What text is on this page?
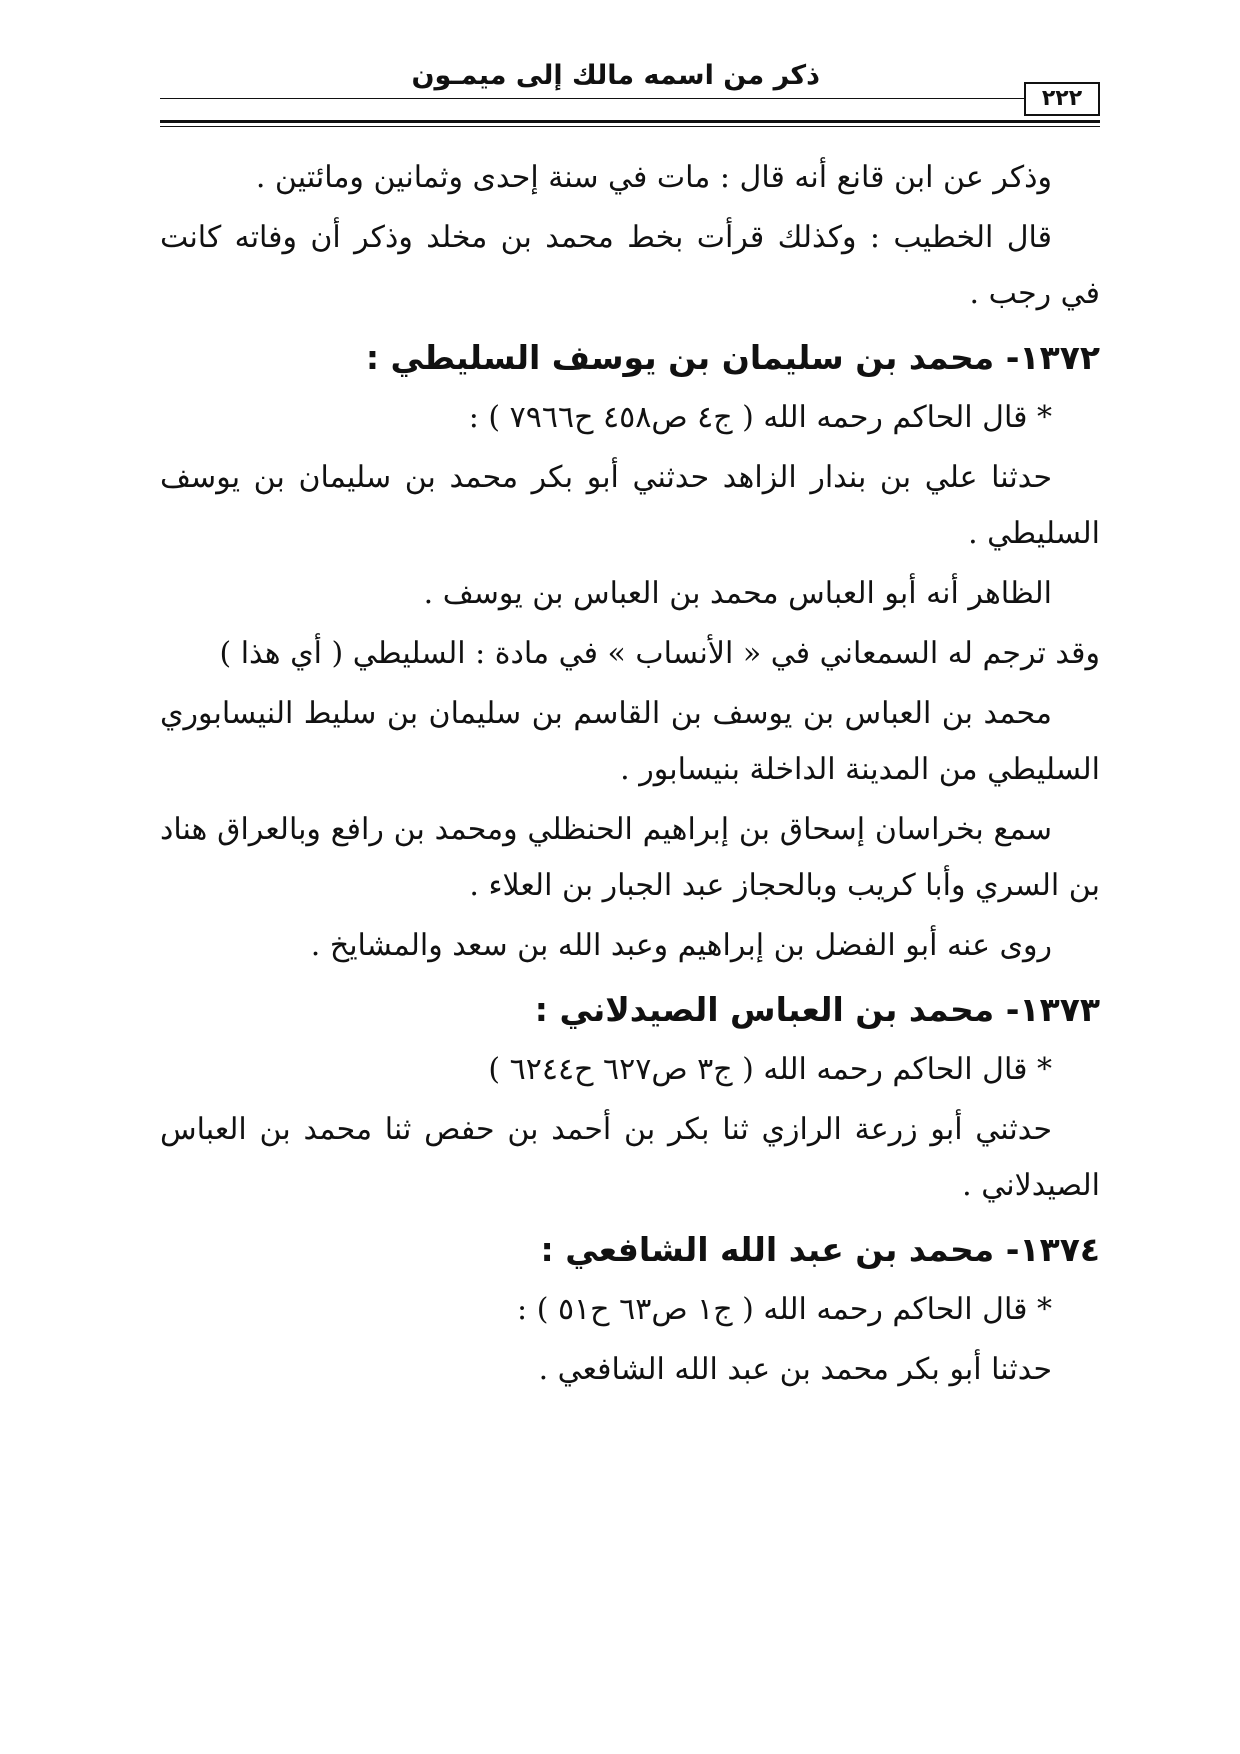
ذكر من اسمه مالك إلى ميمـون
٢٢٢

وذكر عن ابن قانع أنه قال : مات في سنة إحدى وثمانين ومائتين .

قال الخطيب : وكذلك قرأت بخط محمد بن مخلد وذكر أن وفاته كانت في رجب .

١٣٧٢- محمد بن سليمان بن يوسف السليطي :

* قال الحاكم رحمه الله ( ج٤ ص٤٥٨ ح٧٩٦٦ ) :

حدثنا علي بن بندار الزاهد حدثني أبو بكر محمد بن سليمان بن يوسف السليطي .

الظاهر أنه أبو العباس محمد بن العباس بن يوسف .

وقد ترجم له السمعاني في « الأنساب » في مادة : السليطي ( أي هذا )

محمد بن العباس بن يوسف بن القاسم بن سليمان بن سليط النيسابوري السليطي من المدينة الداخلة بنيسابور .

سمع بخراسان إسحاق بن إبراهيم الحنظلي ومحمد بن رافع وبالعراق هناد بن السري وأبا كريب وبالحجاز عبد الجبار بن العلاء .

روى عنه أبو الفضل بن إبراهيم وعبد الله بن سعد والمشايخ .

١٣٧٣- محمد بن العباس الصيدلاني :

* قال الحاكم رحمه الله ( ج٣ ص٦٢٧ ح٦٢٤٤ )

حدثني أبو زرعة الرازي ثنا بكر بن أحمد بن حفص ثنا محمد بن العباس الصيدلاني .

١٣٧٤- محمد بن عبد الله الشافعي :

* قال الحاكم رحمه الله ( ج١ ص٦٣ ح٥١ ) :

حدثنا أبو بكر محمد بن عبد الله الشافعي .
